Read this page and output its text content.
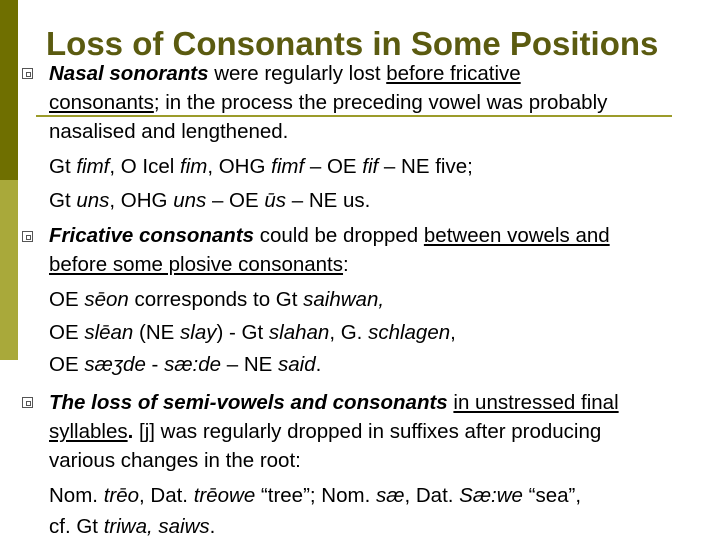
Loss of Consonants in Some Positions
Nasal sonorants were regularly lost before fricative
consonants; in the process the preceding vowel was probably
nasalised and lengthened.
Gt fimf, O Icel fim, OHG fimf – OE fif – NE five;
Gt uns, OHG uns – OE ūs – NE us.
Fricative consonants could be dropped between vowels and
before some plosive consonants:
OE sēon corresponds to Gt saihwan,
OE slēan (NE slay) - Gt slahan, G. schlagen,
OE sæʒde - sæ:de – NE said.
The loss of semi-vowels and consonants in unstressed final
syllables. [j] was regularly dropped in suffixes after producing
various changes in the root:
Nom. trēo, Dat. trēowe “tree”; Nom. sæ, Dat. Sæ:we “sea”,
cf. Gt triwa, saiws.
